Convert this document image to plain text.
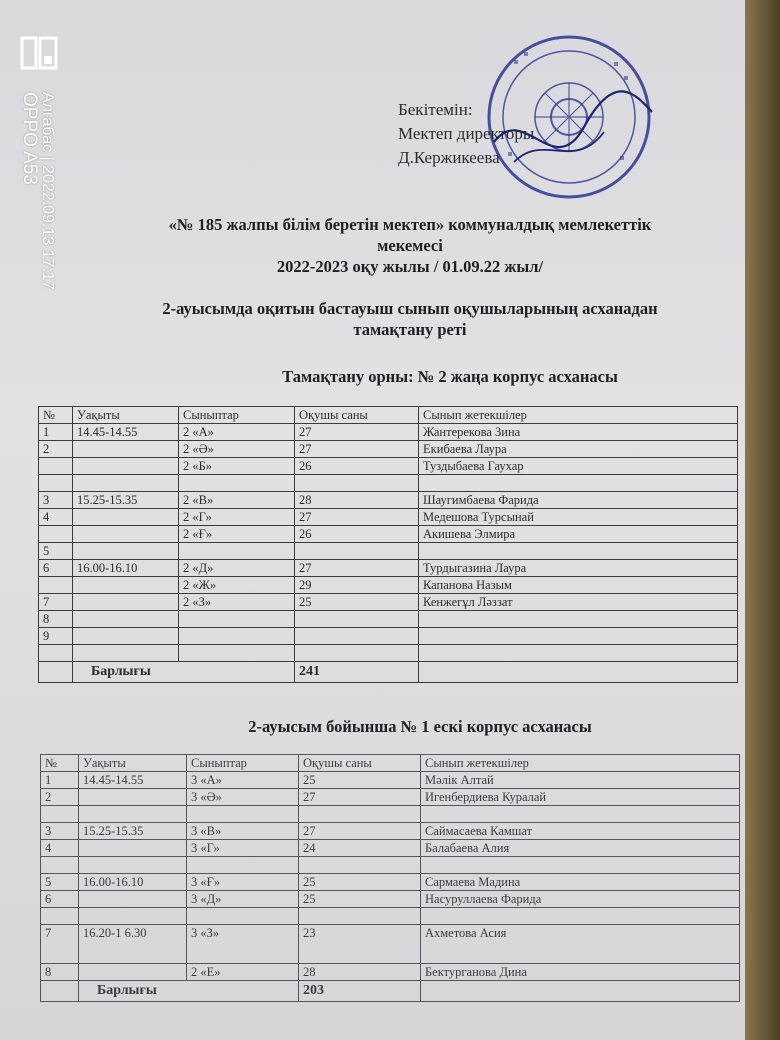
OPPO A53 Алгабас | 2022.09.13 17:17	Бекітемін:
Мектеп директоры
Д.Кержикеева
«№ 185 жалпы білім беретін мектеп» коммуналдық мемлекеттік
мекемесі
2022-2023 оқу жылы / 01.09.22 жыл/
2-ауысымда оқитын бастауыш сынып оқушыларының асханадан
тамақтану реті
Тамақтану орны: № 2 жаңа корпус асханасы
№	Уақыты	Сыныптар	Оқушы саны	Сынып жетекшілер
1	14.45-14.55	2 «А»	27	Жантерекова Зина
2		2 «Ә»	27	Екибаева Лаура
		2 «Б»	26	Туздыбаева Гаухар

3	15.25-15.35	2 «В»	28	Шаугимбаева Фарида
4		2 «Г»	27	Медешова Турсынай
		2 «Ғ»	26	Акишева Элмира
5				
6	16.00-16.10	2 «Д»	27	Турдыгазина Лаура
		2 «Ж»	29	Капанова Назым
7		2 «З»	25	Кенжегұл Ләззат
8				
9				

	Барлығы		241	
2-ауысым бойынша № 1 ескі корпус асханасы
№	Уақыты	Сыныптар	Оқушы саны	Сынып жетекшілер
1	14.45-14.55	3 «А»	25	Мәлік Алтай
2		3 «Ә»	27	Игенбердиева Куралай

3	15.25-15.35	3 «В»	27	Саймасаева Камшат
4		3 «Г»	24	Балабаева Алия

5	16.00-16.10	3 «Ғ»	25	Сармаева Мадина
6		3 «Д»	25	Насуруллаева Фарида

7	16.20-1 6.30	3 «З»	23	Ахметова Асия
8		2 «Е»	28	Бектурганова Дина
	Барлығы		203	
